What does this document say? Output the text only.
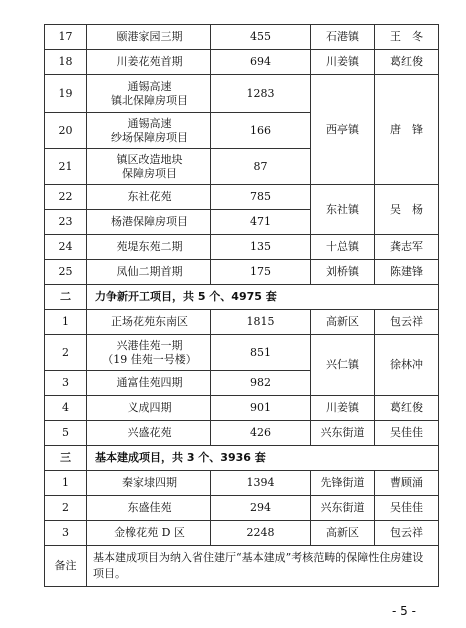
17	颐港家园三期	455	石港镇	王　冬
18	川姜花苑首期	694	川姜镇	葛红俊
19	通锡高速
镇北保障房项目	1283	西亭镇	唐　锋
20	通锡高速
纱场保障房项目	166		
21	镇区改造地块
保障房项目	87		
22	东社花苑	785	东社镇	吴　杨
23	杨港保障房项目	471		
24	苑堤东苑二期	135	十总镇	龚志军
25	凤仙二期首期	175	刘桥镇	陈建锋
二	力争新开工项目，共 5 个、4975 套			
1	正场花苑东南区	1815	高新区	包云祥
2	兴港佳苑一期
（19 佳苑一号楼）	851	兴仁镇	徐林冲
3	通富佳苑四期	982		
4	义成四期	901	川姜镇	葛红俊
5	兴盛花苑	426	兴东街道	吴佳佳
三	基本建成项目，共 3 个、3936 套			
1	秦家埭四期	1394	先锋街道	曹顾涌
2	东盛佳苑	294	兴东街道	吴佳佳
3	金橡花苑 D 区	2248	高新区	包云祥
备注	基本建成项目为纳入省住建厅“基本建成”考核范畴的保障性住房建设项目。			
- 5 -
